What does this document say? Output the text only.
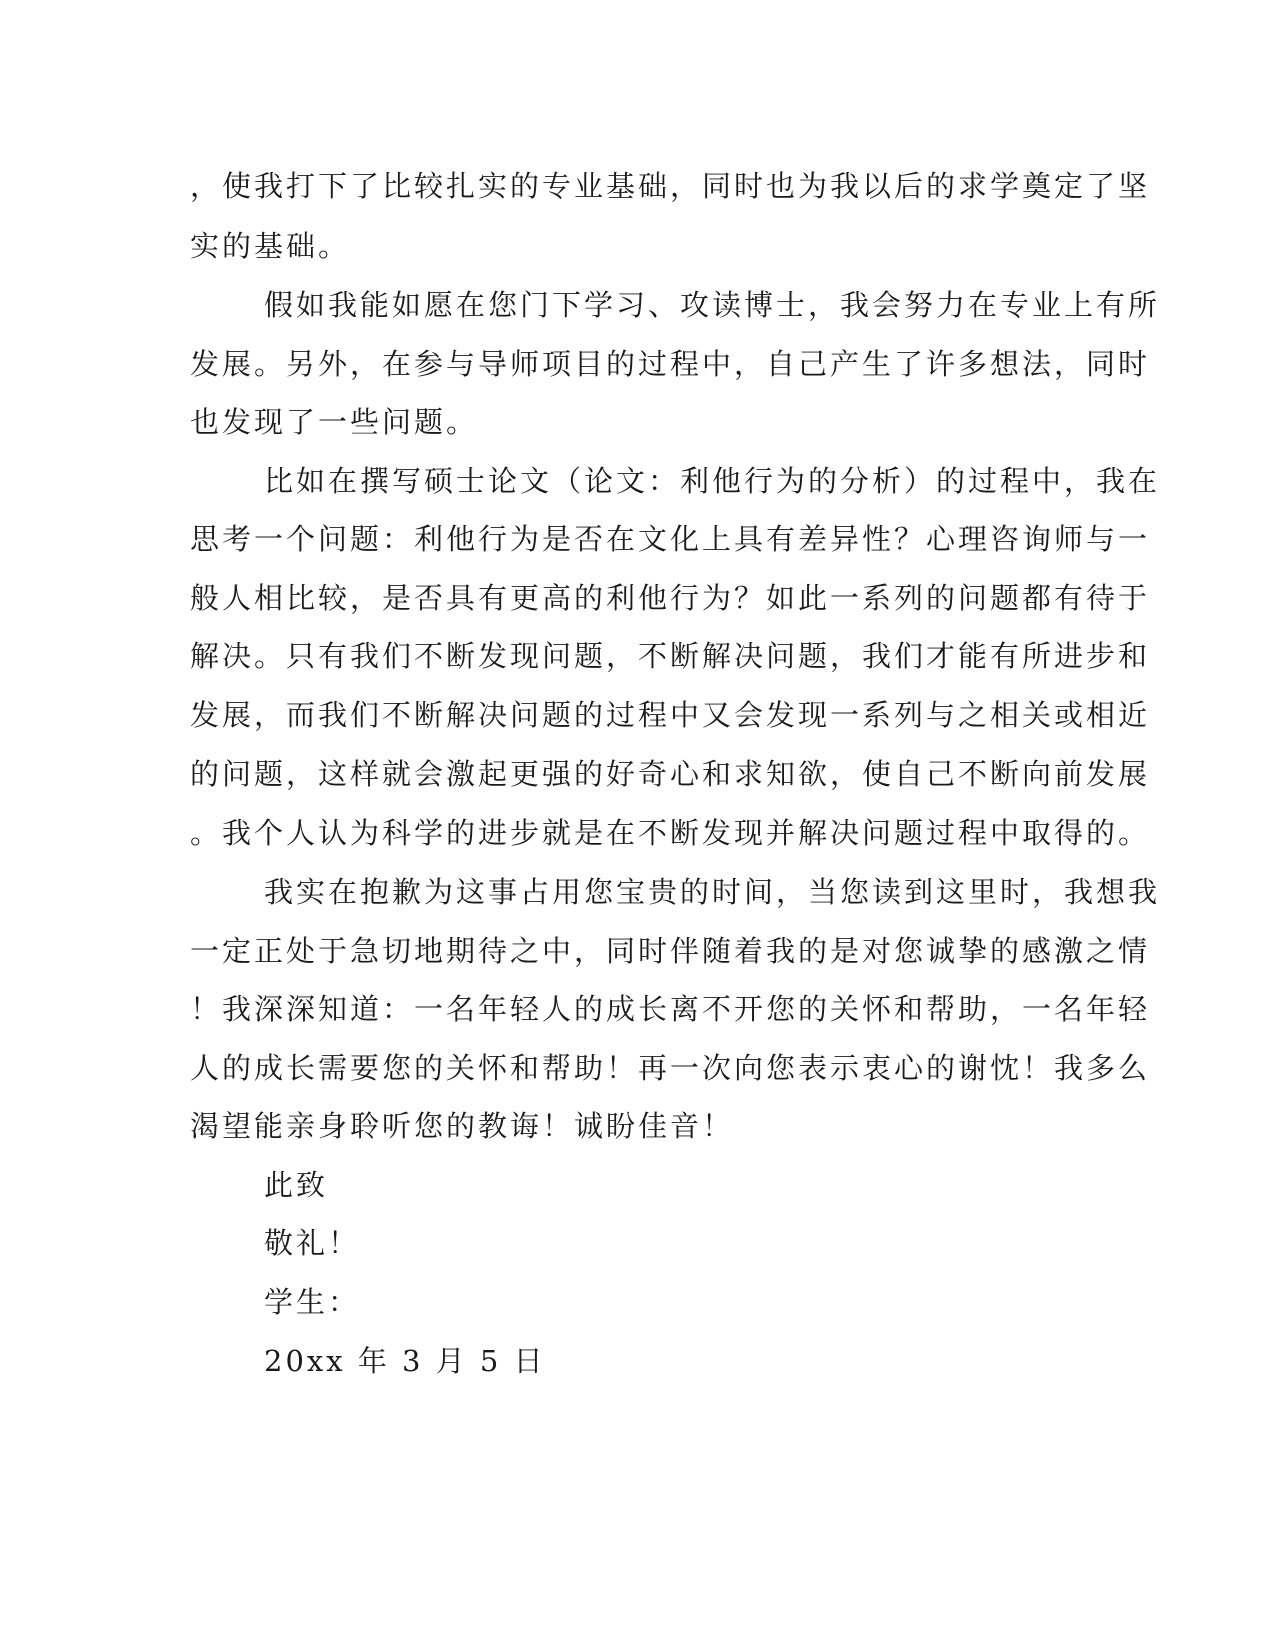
，使我打下了比较扎实的专业基础，同时也为我以后的求学奠定了坚
实的基础。
假如我能如愿在您门下学习、攻读博士，我会努力在专业上有所
发展。另外，在参与导师项目的过程中，自己产生了许多想法，同时
也发现了一些问题。
比如在撰写硕士论文（论文：利他行为的分析）的过程中，我在
思考一个问题：利他行为是否在文化上具有差异性？心理咨询师与一
般人相比较，是否具有更高的利他行为？如此一系列的问题都有待于
解决。只有我们不断发现问题，不断解决问题，我们才能有所进步和
发展，而我们不断解决问题的过程中又会发现一系列与之相关或相近
的问题，这样就会激起更强的好奇心和求知欲，使自己不断向前发展
。我个人认为科学的进步就是在不断发现并解决问题过程中取得的。
我实在抱歉为这事占用您宝贵的时间，当您读到这里时，我想我
一定正处于急切地期待之中，同时伴随着我的是对您诚挚的感激之情
！我深深知道：一名年轻人的成长离不开您的关怀和帮助，一名年轻
人的成长需要您的关怀和帮助！再一次向您表示衷心的谢忱！我多么
渴望能亲身聆听您的教诲！诚盼佳音！
此致
敬礼！
学生：
20xx 年 3 月 5 日
